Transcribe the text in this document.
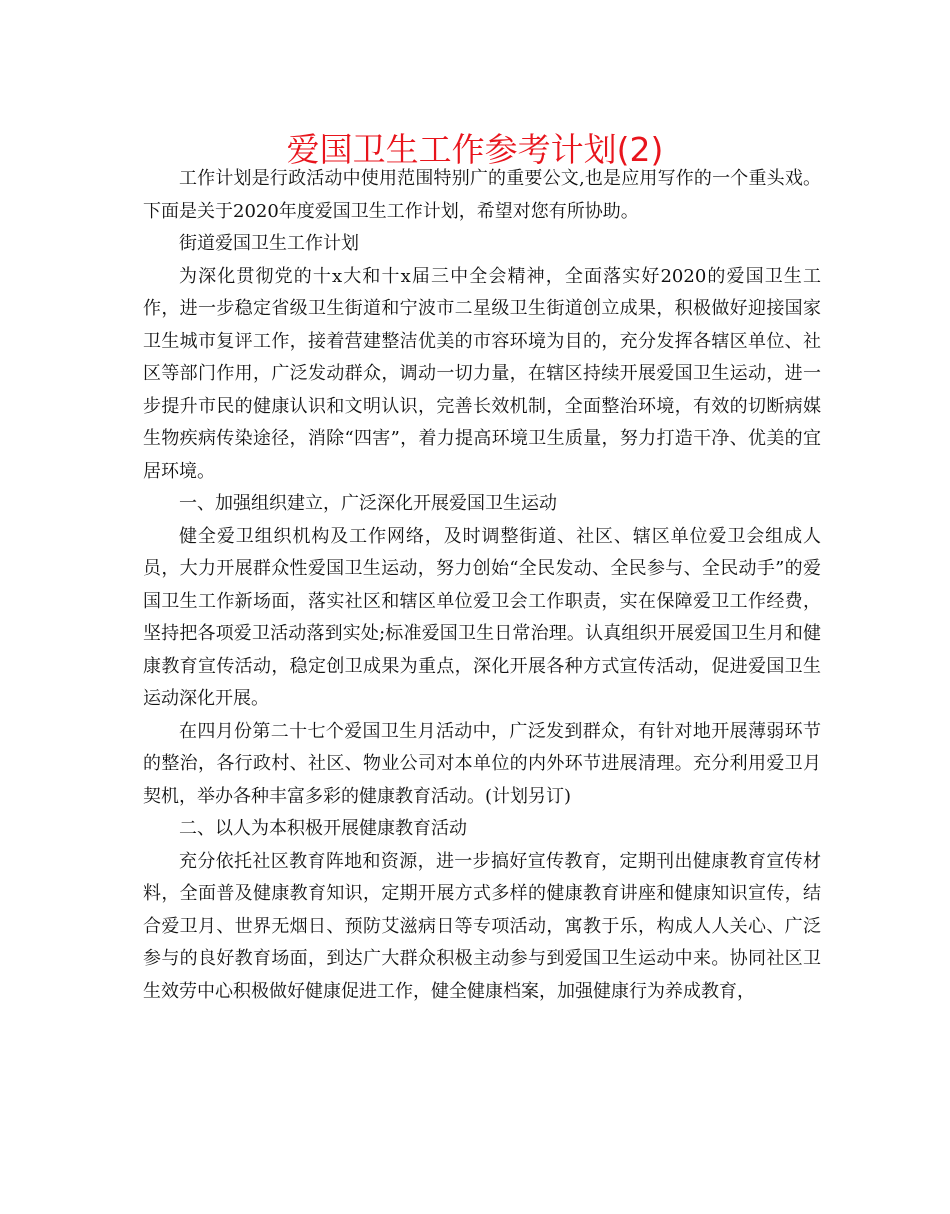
爱国卫生工作参考计划(2)

工作计划是行政活动中使用范围特别广的重要公文,也是应用写作的一个重头戏。下面是关于2020年度爱国卫生工作计划，希望对您有所协助。

街道爱国卫生工作计划

为深化贯彻党的十x大和十x届三中全会精神，全面落实好2020的爱国卫生工作，进一步稳定省级卫生街道和宁波市二星级卫生街道创立成果，积极做好迎接国家卫生城市复评工作，接着营建整洁优美的市容环境为目的，充分发挥各辖区单位、社区等部门作用，广泛发动群众，调动一切力量，在辖区持续开展爱国卫生运动，进一步提升市民的健康认识和文明认识，完善长效机制，全面整治环境，有效的切断病媒生物疾病传染途径，消除“四害”，着力提高环境卫生质量，努力打造干净、优美的宜居环境。

一、加强组织建立，广泛深化开展爱国卫生运动

健全爱卫组织机构及工作网络，及时调整街道、社区、辖区单位爱卫会组成人员，大力开展群众性爱国卫生运动，努力创始“全民发动、全民参与、全民动手”的爱国卫生工作新场面，落实社区和辖区单位爱卫会工作职责，实在保障爱卫工作经费，坚持把各项爱卫活动落到实处;标准爱国卫生日常治理。认真组织开展爱国卫生月和健康教育宣传活动，稳定创卫成果为重点，深化开展各种方式宣传活动，促进爱国卫生运动深化开展。

在四月份第二十七个爱国卫生月活动中，广泛发到群众，有针对地开展薄弱环节的整治，各行政村、社区、物业公司对本单位的内外环节进展清理。充分利用爱卫月契机，举办各种丰富多彩的健康教育活动。(计划另订)

二、以人为本积极开展健康教育活动

充分依托社区教育阵地和资源，进一步搞好宣传教育，定期刊出健康教育宣传材料，全面普及健康教育知识，定期开展方式多样的健康教育讲座和健康知识宣传，结合爱卫月、世界无烟日、预防艾滋病日等专项活动，寓教于乐，构成人人关心、广泛参与的良好教育场面，到达广大群众积极主动参与到爱国卫生运动中来。协同社区卫生效劳中心积极做好健康促进工作，健全健康档案，加强健康行为养成教育，
